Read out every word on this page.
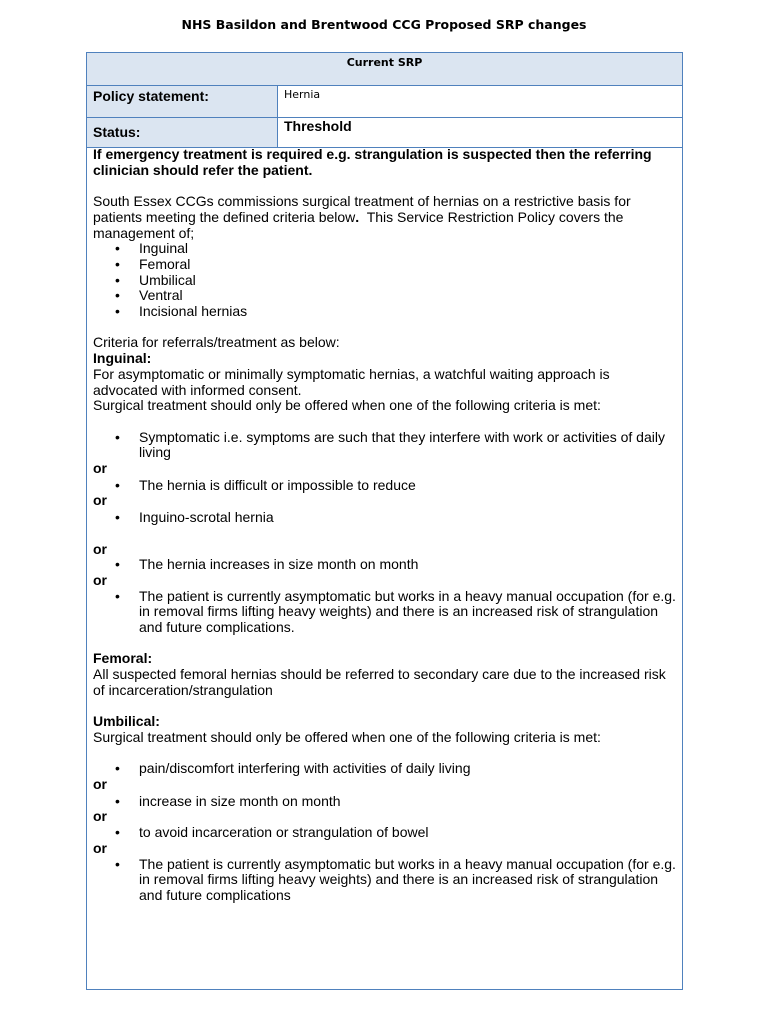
NHS Basildon and Brentwood CCG Proposed SRP changes
Current SRP
Policy statement:	Hernia
Status:	Threshold

If emergency treatment is required e.g. strangulation is suspected then the referring clinician should refer the patient.

South Essex CCGs commissions surgical treatment of hernias on a restrictive basis for patients meeting the defined criteria below.  This Service Restriction Policy covers the management of;

• Inguinal
• Femoral
• Umbilical
• Ventral
• Incisional hernias

Criteria for referrals/treatment as below:

Inguinal:

For asymptomatic or minimally symptomatic hernias, a watchful waiting approach is advocated with informed consent.

Surgical treatment should only be offered when one of the following criteria is met:

• Symptomatic i.e. symptoms are such that they interfere with work or activities of daily living

or

• The hernia is difficult or impossible to reduce

or

• Inguino-scrotal hernia

or

• The hernia increases in size month on month

or

• The patient is currently asymptomatic but works in a heavy manual occupation (for e.g. in removal firms lifting heavy weights) and there is an increased risk of strangulation and future complications.

Femoral:

All suspected femoral hernias should be referred to secondary care due to the increased risk of incarceration/strangulation

Umbilical:

Surgical treatment should only be offered when one of the following criteria is met:

• pain/discomfort interfering with activities of daily living

or

• increase in size month on month

or

• to avoid incarceration or strangulation of bowel

or

• The patient is currently asymptomatic but works in a heavy manual occupation (for e.g. in removal firms lifting heavy weights) and there is an increased risk of strangulation and future complications
